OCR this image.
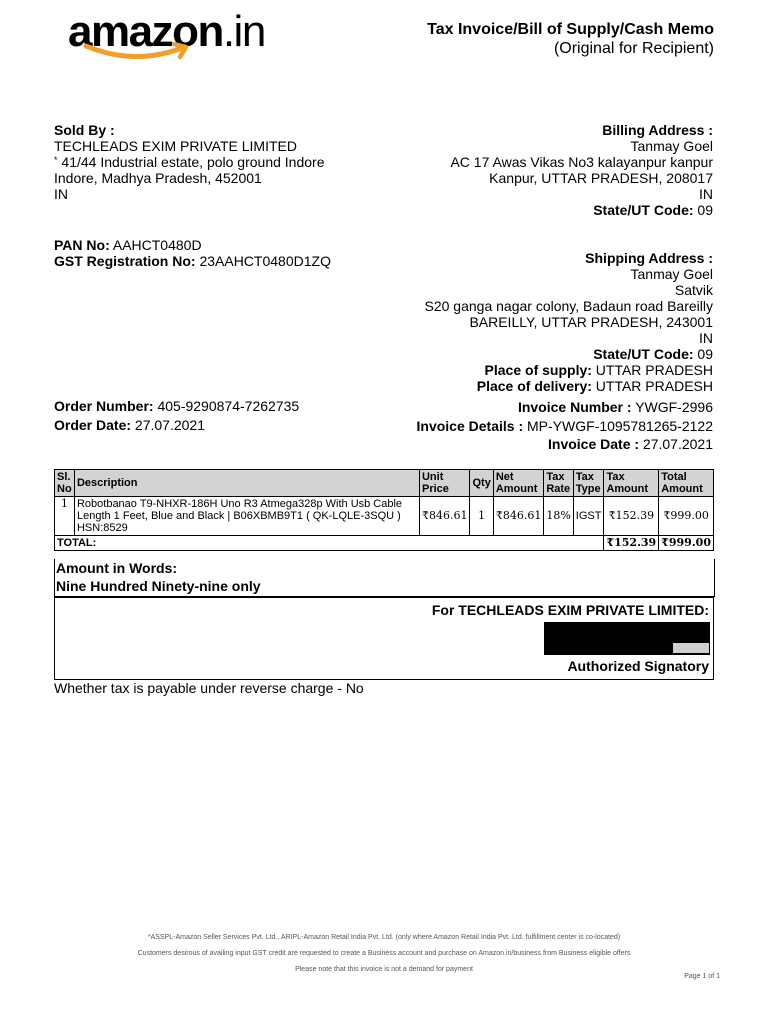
amazon.in	Tax Invoice/Bill of Supply/Cash Memo
(Original for Recipient)
Sold By :
TECHLEADS EXIM PRIVATE LIMITED
* 41/44 Industrial estate, polo ground Indore
Indore, Madhya Pradesh, 452001
IN
PAN No: AAHCT0480D
GST Registration No: 23AAHCT0480D1ZQ
Order Number: 405-9290874-7262735
Order Date: 27.07.2021
Billing Address :
Tanmay Goel
AC 17 Awas Vikas No3 kalayanpur kanpur
Kanpur, UTTAR PRADESH, 208017
IN
State/UT Code: 09
Shipping Address :
Tanmay Goel
Satvik
S20 ganga nagar colony, Badaun road Bareilly
BAREILLY, UTTAR PRADESH, 243001
IN
State/UT Code: 09
Place of supply: UTTAR PRADESH
Place of delivery: UTTAR PRADESH
Invoice Number : YWGF-2996
Invoice Details : MP-YWGF-1095781265-2122
Invoice Date : 27.07.2021
Sl. No	Description	Unit Price	Qty	Net Amount	Tax Rate	Tax Type	Tax Amount	Total Amount
1	Robotbanao T9-NHXR-186H Uno R3 Atmega328p With Usb Cable Length 1 Feet, Blue and Black | B06XBMB9T1 ( QK-LQLE-3SQU ) HSN:8529	₹846.61	1	₹846.61	18%	IGST	₹152.39	₹999.00
TOTAL:							₹152.39	₹999.00
Amount in Words:
Nine Hundred Ninety-nine only
For TECHLEADS EXIM PRIVATE LIMITED:
Authorized Signatory
Whether tax is payable under reverse charge - No
*ASSPL-Amazon Seller Services Pvt. Ltd., ARIPL-Amazon Retail India Pvt. Ltd. (only where Amazon Retail India Pvt. Ltd. fulfillment center is co-located)
Customers desirous of availing input GST credit are requested to create a Business account and purchase on Amazon.in/business from Business eligible offers
Please note that this invoice is not a demand for payment
Page 1 of 1
